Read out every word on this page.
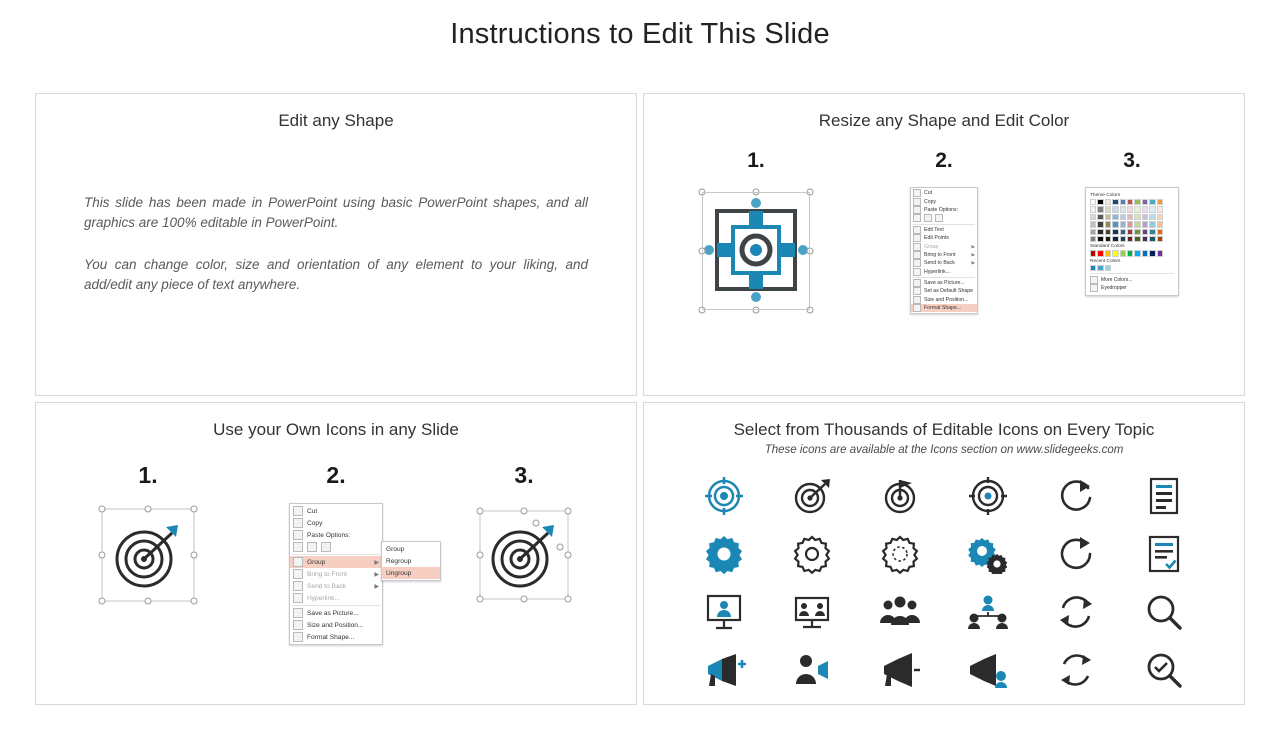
Instructions to Edit This Slide
Edit any Shape
This slide has been made in PowerPoint using basic PowerPoint shapes, and all graphics are 100% editable in PowerPoint.
You can change color, size and orientation of any element to your liking, and add/edit any piece of text anywhere.
Resize any Shape and Edit Color
1.	2.
Cut
Copy
Paste Options:
Edit Text
Edit Points
Group	▶
Bring to Front	▶
Send to Back	▶
Hyperlink...
Save as Picture...
Set as Default Shape
Size and Position...
Format Shape...
3.
Theme Colors
Standard Colors
Recent Colors
More Colors...
Eyedropper
Use your Own Icons in any Slide
1.	2.
Cut
Copy
Paste Options:
Group	▶
Bring to Front	▶
Send to Back	▶
Hyperlink...
Save as Picture...
Size and Position...
Format Shape...
Group
Regroup
Ungroup
3.
Select from Thousands of Editable Icons on Every Topic
These icons are available at the Icons section on www.slidegeeks.com
